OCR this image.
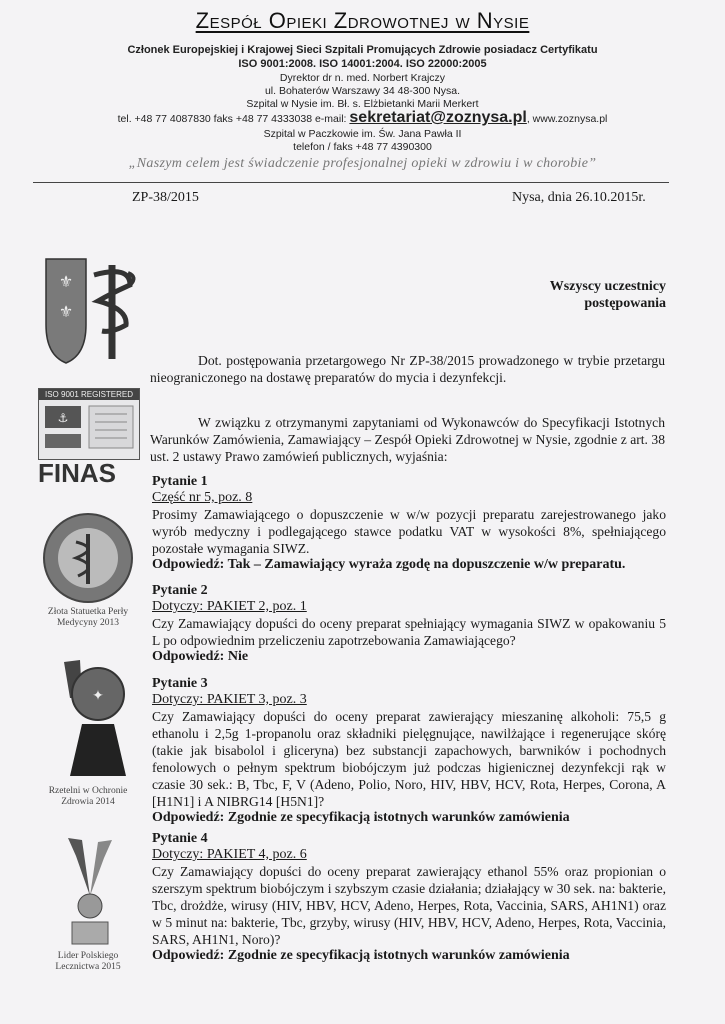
Zespół Opieki Zdrowotnej w Nysie
Członek Europejskiej i Krajowej Sieci Szpitali Promujących Zdrowie posiadacz Certyfikatu
ISO 9001:2008. ISO 14001:2004. ISO 22000:2005
Dyrektor dr n. med. Norbert Krajczy
ul. Bohaterów Warszawy 34 48-300 Nysa.
Szpital w Nysie im. Bł. s. Elżbietanki Marii Merkert
tel. +48 77 4087830 faks +48 77 4333038 e-mail: sekretariat@zoznysa.pl, www.zoznysa.pl
Szpital w Paczkowie im. Św. Jana Pawła II
telefon / faks +48 77 4390300
„Naszym celem jest świadczenie profesjonalnej opieki w zdrowiu i w chorobie”
ZP-38/2015	Nysa, dnia 26.10.2015r.
⚜
⚜
Wszyscy uczestnicy
postępowania
Dot. postępowania przetargowego Nr ZP-38/2015 prowadzonego w trybie przetargu nieograniczonego na dostawę preparatów do mycia i dezynfekcji.
W związku z otrzymanymi zapytaniami od Wykonawców do Specyfikacji Istotnych Warunków Zamówienia, Zamawiający – Zespół Opieki Zdrowotnej w Nysie, zgodnie z art. 38 ust. 2 ustawy Prawo zamówień publicznych, wyjaśnia:
Pytanie 1
Część nr 5, poz. 8
Prosimy Zamawiającego o dopuszczenie w w/w pozycji preparatu zarejestrowanego jako wyrób medyczny i podlegającego stawce podatku VAT w wysokości 8%, spełniającego pozostałe wymagania SIWZ.
Odpowiedź: Tak – Zamawiający wyraża zgodę na dopuszczenie w/w preparatu.
Pytanie 2
Dotyczy: PAKIET 2, poz. 1
Czy Zamawiający dopuści do oceny preparat spełniający wymagania SIWZ w opakowaniu 5 L po odpowiednim przeliczeniu zapotrzebowania Zamawiającego?
Odpowiedź: Nie
Pytanie 3
Dotyczy: PAKIET 3, poz. 3
Czy Zamawiający dopuści do oceny preparat zawierający mieszaninę alkoholi: 75,5 g ethanolu i 2,5g 1-propanolu oraz składniki pielęgnujące, nawilżające i regenerujące skórę (takie jak bisabolol i gliceryna) bez substancji zapachowych, barwników i pochodnych fenolowych o pełnym spektrum biobójczym już podczas higienicznej dezynfekcji rąk w czasie 30 sek.: B, Tbc, F, V (Adeno, Polio, Noro, HIV, HBV, HCV, Rota, Herpes, Corona, A [H1N1] i A NIBRG14 [H5N1]?
Odpowiedź: Zgodnie ze specyfikacją istotnych warunków zamówienia
Pytanie 4
Dotyczy: PAKIET 4, poz. 6
Czy Zamawiający dopuści do oceny preparat zawierający ethanol 55% oraz propionian o szerszym spektrum biobójczym i szybszym czasie działania; działający w 30 sek. na: bakterie, Tbc, drożdże, wirusy (HIV, HBV, HCV, Adeno, Herpes, Rota, Vaccinia, SARS, AH1N1) oraz w 5 minut na: bakterie, Tbc, grzyby, wirusy (HIV, HBV, HCV, Adeno, Herpes, Rota, Vaccinia, SARS, AH1N1, Noro)?
Odpowiedź: Zgodnie ze specyfikacją istotnych warunków zamówienia
ISO 9001 REGISTERED
⚓
FINAS
Złota Statuetka Perły
Medycyny 2013
✦
Rzetelni w Ochronie
Zdrowia 2014
Lider Polskiego
Lecznictwa 2015
